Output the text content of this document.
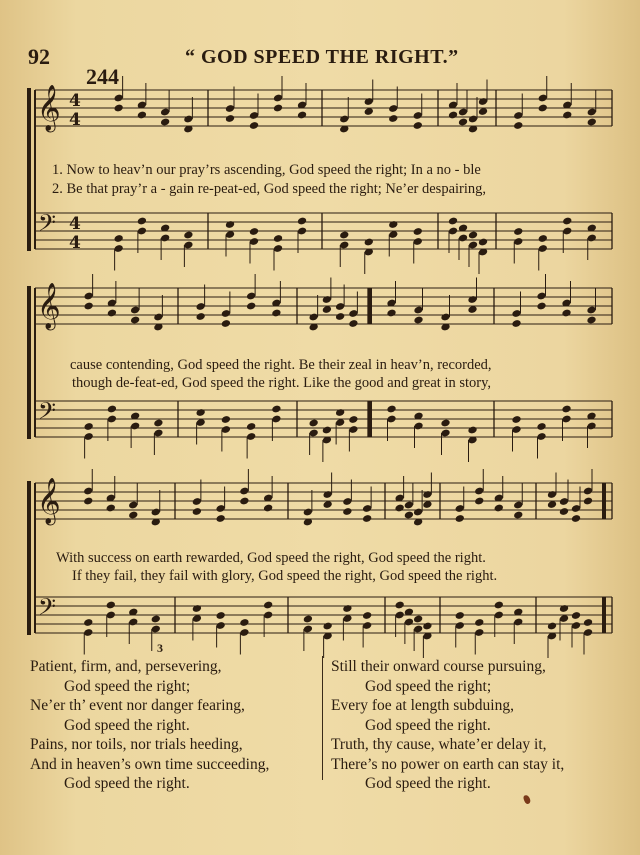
92	“ GOD SPEED THE RIGHT.”
244
𝄞 4
4
𝄢 4
4
𝄞
𝄢
𝄞
𝄢
1. Now to heav’n our pray’rs ascending, God speed the right; In a no - ble
2. Be that pray’r a - gain re-peat-ed, God speed the right; Ne’er despairing,
cause contending, God speed the right. Be their zeal in heav’n, recorded,
though de-feat-ed, God speed the right. Like the good and great in story,
With success on earth rewarded, God speed the right, God speed the right.
If they fail, they fail with glory, God speed the right, God speed the right.
3
Patient, firm, and, persevering,
God speed the right;
Ne’er th’ event nor danger fearing,
God speed the right.
Pains, nor toils, nor trials heeding,
And in heaven’s own time succeeding,
God speed the right.
Still their onward course pursuing,
God speed the right;
Every foe at length subduing,
God speed the right.
Truth, thy cause, whate’er delay it,
There’s no power on earth can stay it,
God speed the right.
